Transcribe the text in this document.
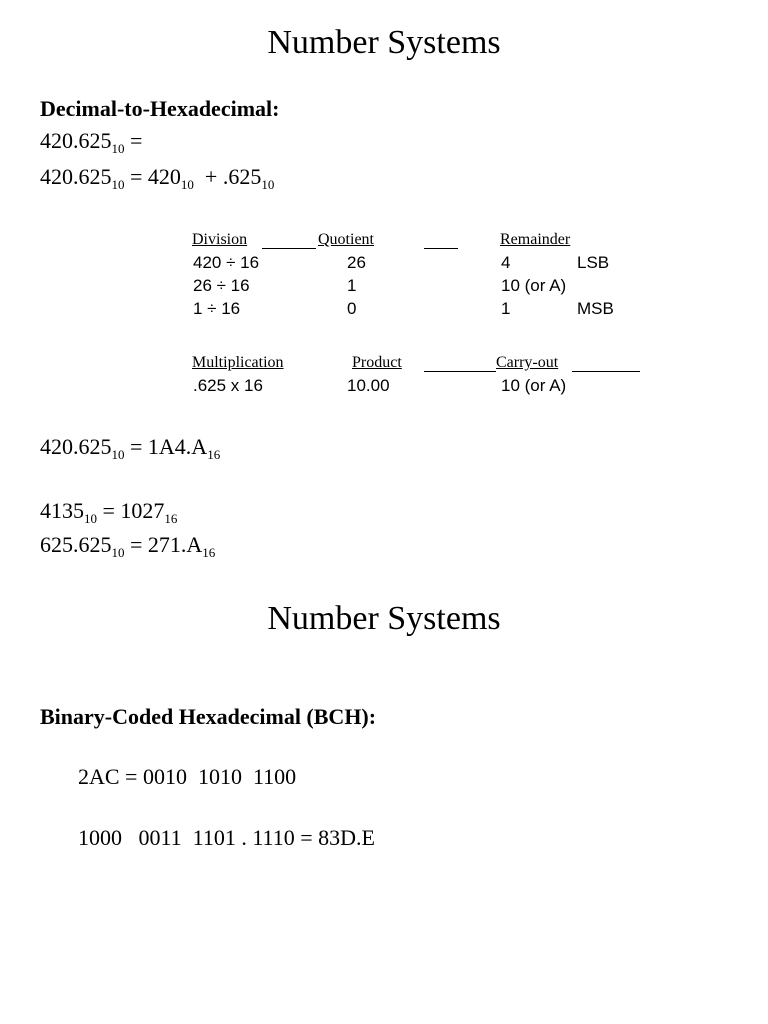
Number Systems
Decimal-to-Hexadecimal:
$420.625_{10}$ =
$420.625_{10} = 420_{10} + .625_{10}$
Division	Quotient	Remainder
420 ÷ 16	26	4	LSB
26 ÷ 16	1	10 (or A)
1 ÷ 16	0	1	MSB
Multiplication	Product	Carry-out
.625 x 16	10.00	10 (or A)
$420.625_{10} = 1A4.A_{16}$
$4135_{10} = 1027_{16}$
$625.625_{10} = 271.A_{16}$
Number Systems
Binary-Coded Hexadecimal (BCH):
2AC = 0010  1010  1100
1000   0011  1101 . 1110 = 83D.E
